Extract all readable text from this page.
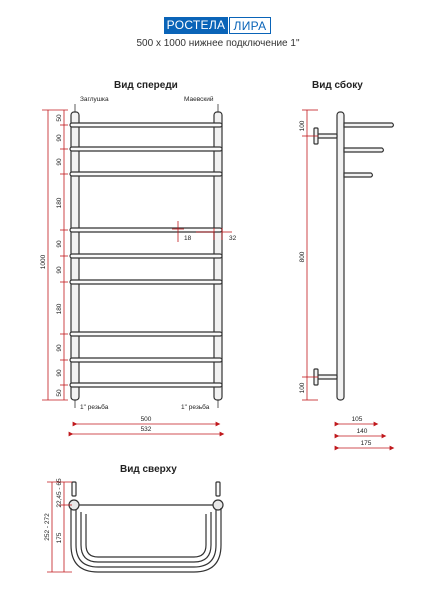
РОСТЕЛА ЛИРА
500 х 1000 нижнее подключение 1"
Вид спереди	Вид сбоку
Вид сверху
Заглушка	Маевский
1" резьба	1" резьба
1000
50
90
90
180
90
90
180
90
90
50
18	32
500
532
100
800
100
105
140
175
252 - 272
22,45 - 65
175
